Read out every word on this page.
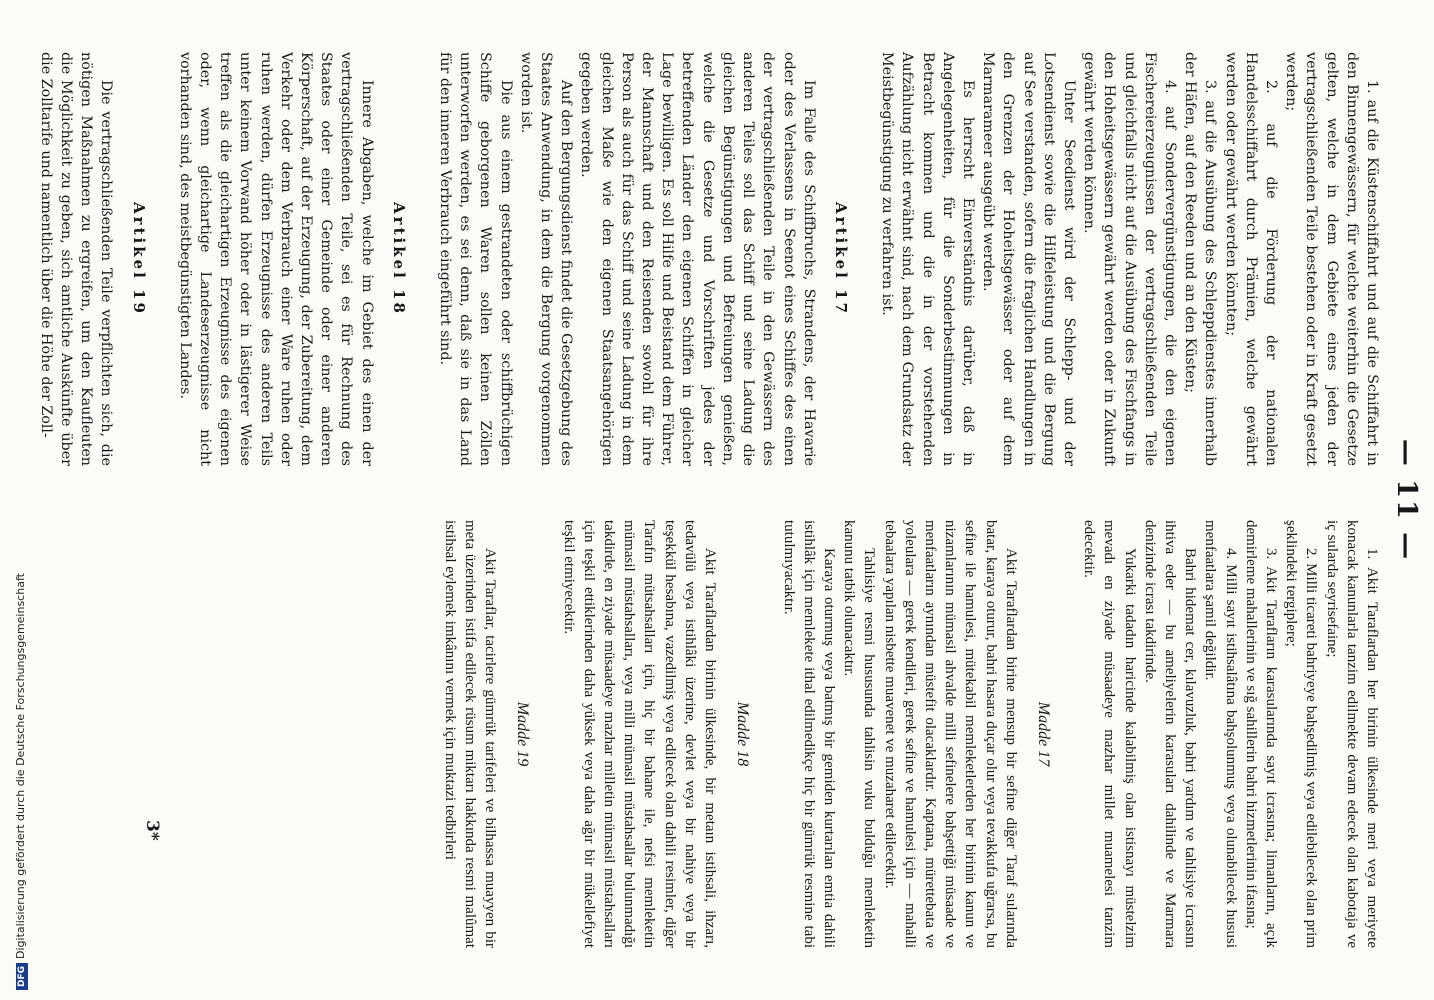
— 11 —

1. auf die Küstenschiffahrt und auf die Schiffahrt in den Binnengewässern, für welche weiterhin die Gesetze gelten, welche in dem Gebiete eines jeden der vertragschließenden Teile bestehen oder in Kraft gesetzt werden;

2. auf die Förderung der nationalen Handelsschiffahrt durch Prämien, welche gewährt werden oder gewährt werden könnten;

3. auf die Ausübung des Schleppdienstes innerhalb der Häfen, auf den Reeden und an den Küsten;

4. auf Sondervergünstigungen, die den eigenen Fischereierzeugnissen der vertragschließenden Teile und gleichfalls nicht auf die Ausübung des Fischfangs in den Hoheitsgewässern gewährt werden oder in Zukunft gewährt werden können.

Unter Seedienst wird der Schlepp- und der Lotsendienst sowie die Hilfeleistung und die Bergung auf See verstanden, sofern die fraglichen Handlungen in den Grenzen der Hoheitsgewässer oder auf dem Marmarameer ausgeübt werden.

Es herrscht Einverständnis darüber, daß in Angelegenheiten, für die Sonderbestimmungen in Betracht kommen und die in der vorstehenden Aufzählung nicht erwähnt sind, nach dem Grundsatz der Meistbegünstigung zu verfahren ist.

Artikel 17

Im Falle des Schiffbruchs, Strandens, der Havarie oder des Verlassens in Seenot eines Schiffes des einen der vertragschließenden Teile in den Gewässern des anderen Teiles soll das Schiff und seine Ladung die gleichen Begünstigungen und Befreiungen genießen, welche die Gesetze und Vorschriften jedes der betreffenden Länder den eigenen Schiffen in gleicher Lage bewilligen. Es soll Hilfe und Beistand dem Führer, der Mannschaft und den Reisenden sowohl für ihre Person als auch für das Schiff und seine Ladung in dem gleichen Maße wie den eigenen Staatsangehörigen gegeben werden.

Auf den Bergungsdienst findet die Gesetzgebung des Staates Anwendung, in dem die Bergung vorgenommen worden ist.

Die aus einem gestrandeten oder schiffbrüchigen Schiffe geborgenen Waren sollen keinen Zöllen unterworfen werden, es sei denn, daß sie in das Land für den inneren Verbrauch eingeführt sind.

Artikel 18

Innere Abgaben, welche im Gebiet des einen der vertragschließenden Teile, sei es für Rechnung des Staates oder einer Gemeinde oder einer anderen Körperschaft, auf der Erzeugung, der Zubereitung, dem Verkehr oder dem Verbrauch einer Ware ruhen oder ruhen werden, dürfen Erzeugnisse des anderen Teils unter keinem Vorwand höher oder in lästigerer Weise treffen als die gleichartigen Erzeugnisse des eigenen oder, wenn gleichartige Landeserzeugnisse nicht vorhanden sind, des meistbegünstigten Landes.

Artikel 19

Die vertragschließenden Teile verpflichten sich, die nötigen Maßnahmen zu ergreifen, um den Kaufleuten die Möglichkeit zu geben, sich amtliche Auskünfte über die Zolltarife und namentlich über die Höhe der Zoll-

1. Akit Taraflardan her birinin ülkesinde meri veya meriyete konacak kanunlarla tanzim edilmekte devam edecek olan kabotaja ve iç sularda seyrisefaine;

2. Milli ticareti bahriyeye bahşedilmiş veya edilebilecek olan prim şeklindeki tergiplere;

3. Akit Tarafların karasularında sayıt icrasına; limanların, açık demirleme mahallerinin ve sığ sahillerin bahri hizmetlerinin ifasına;

4. Milli sayıt istihsalâtına bahşolunmuş veya olunabilecek hususi menfaatlara şamil değildir.

Bahri hidemat cer, kılavuzluk, bahri yardım ve tahlisiye icrasını ihtiva eder — bu ameliyelerin karasuları dahilinde ve Marmara denizinde icrası takdirinde.

Yukarki tadadın haricinde kalabilmiş olan istisnayı müstelzim mevadı en ziyade müsaadeye mazhar millet muamelesi tanzim edecektir.

Madde 17

Akit Taraflardan birine mensup bir sefine diğer Taraf sularında batar, karaya oturur, bahri hasara duçar olur veya tevakkufa uğrarsa, bu sefine ile hamulesi, mütekabil memleketlerden her birinin kanun ve nizamlarının mümasil ahvalde milli sefinelere bahşettiği müsaade ve menfaatların aynından müstefit olacaklardır. Kaptana, mürettebata ve yoleulara — gerek kendileri, gerek sefine ve hamulesi için — mahalli tebaalara yapılan nisbette muavenet ve muzaharet edilecektir.

Tahlisiye resmi hususunda tahlisin vuku bulduğu memleketin kanunu tatbik olunacaktır.

Karaya oturmuş veya batmış bir gemiden kurtarılan emtia dahili istihlâk için memlekete ithal edilmedikçe hiç bir gümrük resmine tabi tutulmıyacaktır.

Madde 18

Akit Taraflardan birinin ülkesinde, bir metaın istihsali, ihzarı, tedavülü veya istihlâki üzerine, devlet veya bir nahiye veya bir teşekkül hesabına, vazedilmiş veya edilecek olan dahili resimler, diğer Tarafın mütsahsalları için, hiç bir bahane ile, nefsi memleketin mümasil müstahsalları, veya milli mümasil müstahsallar bulunmadığı takdirde, en ziyade müsaadeye mazhar milletin mümasil müstahsalları için teşkil ettiklerinden daha yüksek veya daha ağır bir mükellefiyet teşkil etmiyecektir.

Madde 19

Akit Taraflar, tacirlere gümrük tarifeleri ve bilhassa muayyen bir meta üzerinden istifa edilecek rüsum miktarı hakkında resmi malûmat istihsal eylemek imkânını vermek için muktazi tedbirleri

3*
DFGDigitalisierung gefördert durch die Deutsche Forschungsgemeinschaft
